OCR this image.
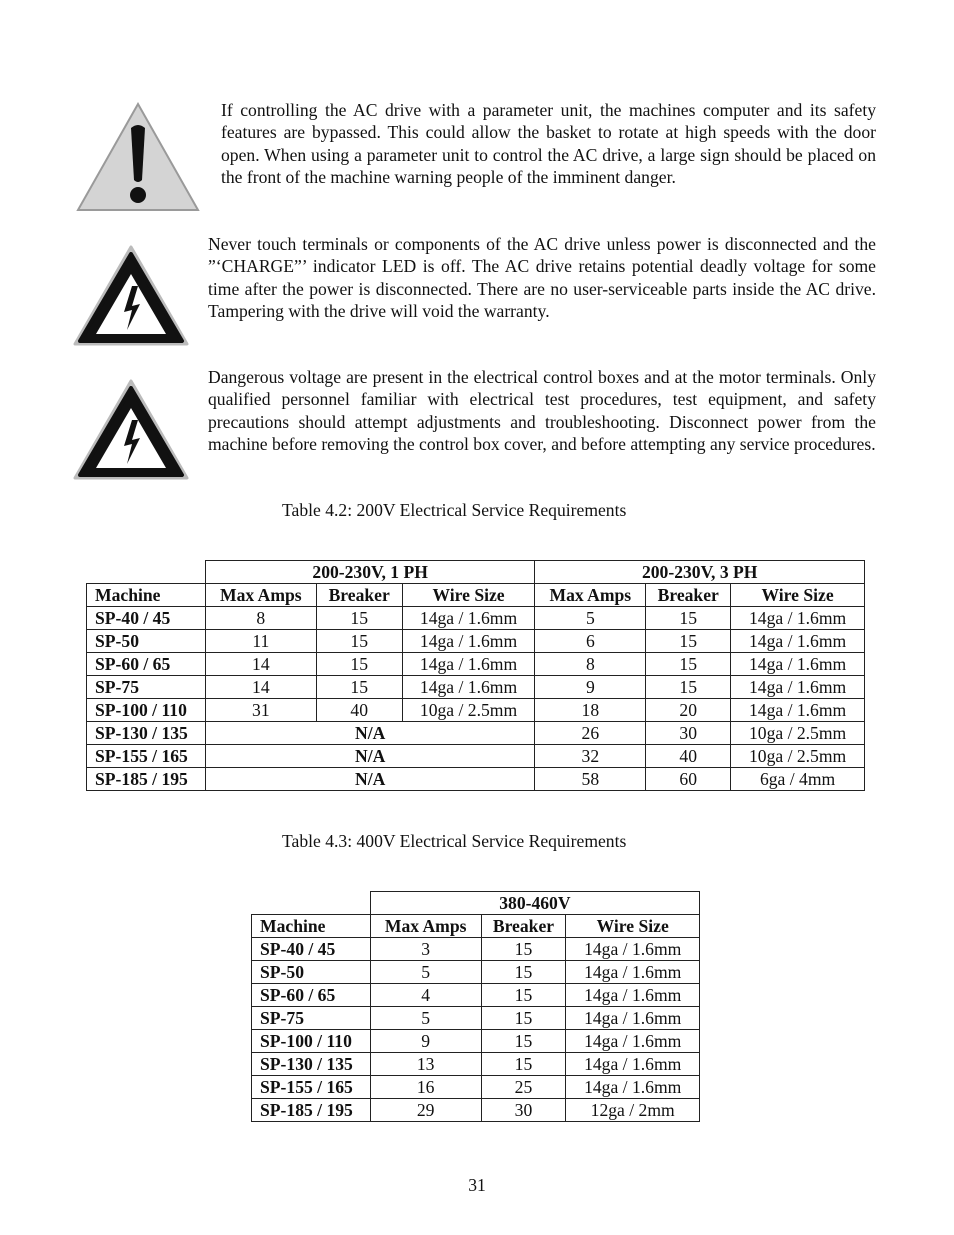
If controlling the AC drive with a parameter unit, the machines computer and its safety features are bypassed. This could allow the basket to rotate at high speeds with the door open. When using a parameter unit to control the AC drive, a large sign should be placed on the front of the machine warning people of the imminent danger.
Never touch terminals or components of the AC drive unless power is disconnected and the ”‘CHARGE”’ indicator LED is off. The AC drive retains potential deadly voltage for some time after the power is disconnected. There are no user-serviceable parts inside the AC drive. Tampering with the drive will void the warranty.
Dangerous voltage are present in the electrical control boxes and at the motor terminals. Only qualified personnel familiar with electrical test procedures, test equipment, and safety precautions should attempt adjustments and troubleshooting. Disconnect power from the machine before removing the control box cover, and before attempting any service procedures.
Table 4.2: 200V Electrical Service Requirements
	200-230V, 1 PH			200-230V, 3 PH		
Machine	Max Amps	Breaker	Wire Size	Max Amps	Breaker	Wire Size
SP-40 / 45	8	15	14ga / 1.6mm	5	15	14ga / 1.6mm
SP-50	11	15	14ga / 1.6mm	6	15	14ga / 1.6mm
SP-60 / 65	14	15	14ga / 1.6mm	8	15	14ga / 1.6mm
SP-75	14	15	14ga / 1.6mm	9	15	14ga / 1.6mm
SP-100 / 110	31	40	10ga / 2.5mm	18	20	14ga / 1.6mm
SP-130 / 135	N/A			26	30	10ga / 2.5mm
SP-155 / 165	N/A			32	40	10ga / 2.5mm
SP-185 / 195	N/A			58	60	6ga / 4mm
Table 4.3: 400V Electrical Service Requirements
	380-460V		
Machine	Max Amps	Breaker	Wire Size
SP-40 / 45	3	15	14ga / 1.6mm
SP-50	5	15	14ga / 1.6mm
SP-60 / 65	4	15	14ga / 1.6mm
SP-75	5	15	14ga / 1.6mm
SP-100 / 110	9	15	14ga / 1.6mm
SP-130 / 135	13	15	14ga / 1.6mm
SP-155 / 165	16	25	14ga / 1.6mm
SP-185 / 195	29	30	12ga / 2mm
31
